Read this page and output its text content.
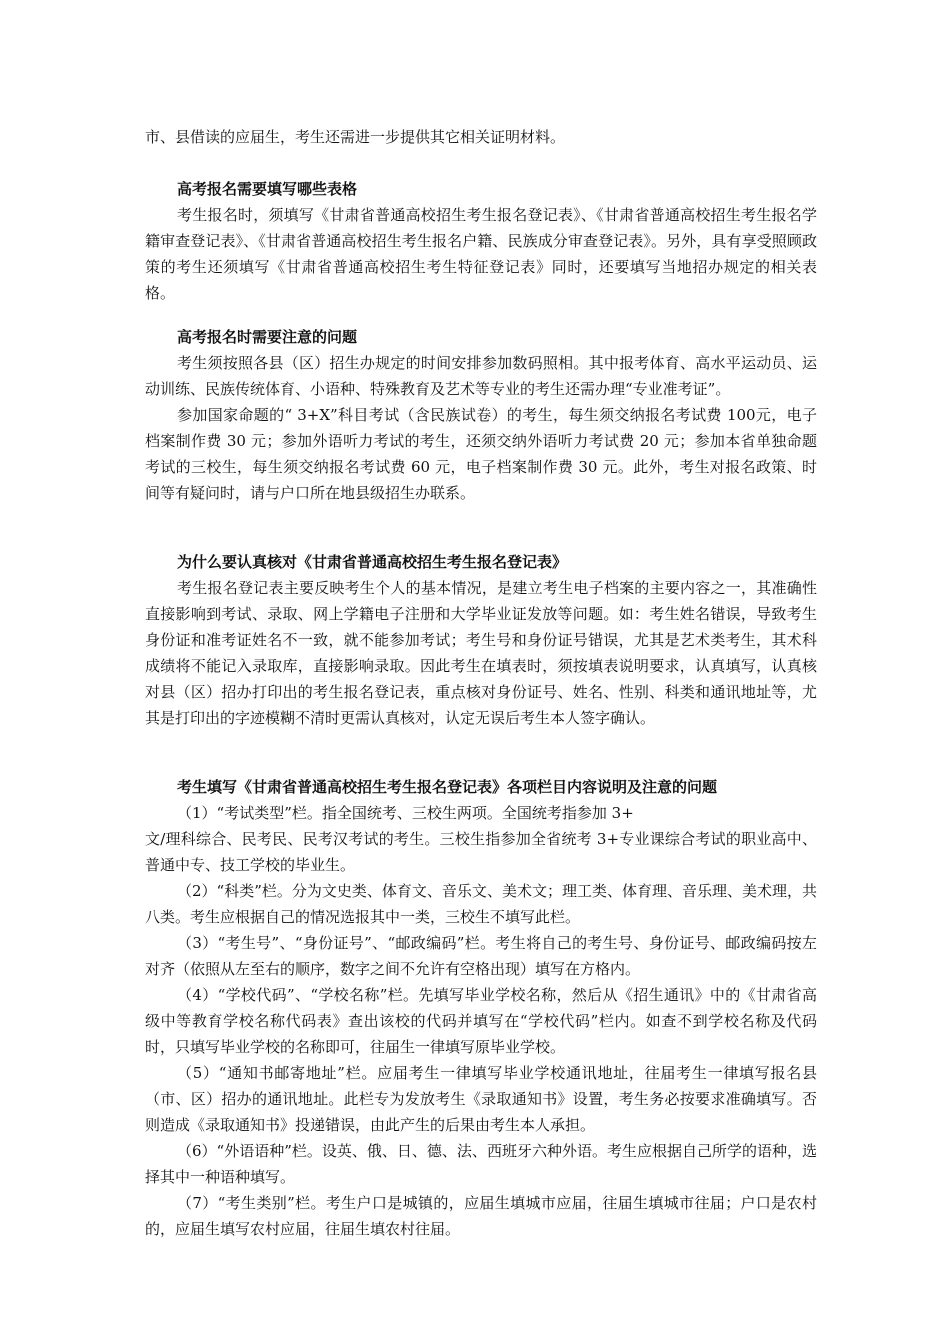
市、县借读的应届生，考生还需进一步提供其它相关证明材料。

高考报名需要填写哪些表格

考生报名时，须填写《甘肃省普通高校招生考生报名登记表》、《甘肃省普通高校招生考生报名学籍审查登记表》、《甘肃省普通高校招生考生报名户籍、民族成分审查登记表》。另外，具有享受照顾政策的考生还须填写《甘肃省普通高校招生考生特征登记表》同时，还要填写当地招办规定的相关表格。

高考报名时需要注意的问题

考生须按照各县（区）招生办规定的时间安排参加数码照相。其中报考体育、高水平运动员、运动训练、民族传统体育、小语种、特殊教育及艺术等专业的考生还需办理“专业准考证”。

参加国家命题的“ 3+X”科目考试（含民族试卷）的考生，每生须交纳报名考试费 100元，电子档案制作费 30 元；参加外语听力考试的考生，还须交纳外语听力考试费 20 元；参加本省单独命题考试的三校生，每生须交纳报名考试费 60 元，电子档案制作费 30 元。此外，考生对报名政策、时间等有疑问时，请与户口所在地县级招生办联系。

为什么要认真核对《甘肃省普通高校招生考生报名登记表》

考生报名登记表主要反映考生个人的基本情况，是建立考生电子档案的主要内容之一，其准确性直接影响到考试、录取、网上学籍电子注册和大学毕业证发放等问题。如：考生姓名错误，导致考生身份证和准考证姓名不一致，就不能参加考试；考生号和身份证号错误，尤其是艺术类考生，其术科成绩将不能记入录取库，直接影响录取。因此考生在填表时，须按填表说明要求，认真填写，认真核对县（区）招办打印出的考生报名登记表，重点核对身份证号、姓名、性别、科类和通讯地址等，尤其是打印出的字迹模糊不清时更需认真核对，认定无误后考生本人签字确认。

考生填写《甘肃省普通高校招生考生报名登记表》各项栏目内容说明及注意的问题

（1）“考试类型”栏。指全国统考、三校生两项。全国统考指参加 3+

文/理科综合、民考民、民考汉考试的考生。三校生指参加全省统考 3+专业课综合考试的职业高中、普通中专、技工学校的毕业生。

（2）“科类”栏。分为文史类、体育文、音乐文、美术文；理工类、体育理、音乐理、美术理，共八类。考生应根据自己的情况选报其中一类，三校生不填写此栏。

（3）“考生号”、“身份证号”、“邮政编码”栏。考生将自己的考生号、身份证号、邮政编码按左对齐（依照从左至右的顺序，数字之间不允许有空格出现）填写在方格内。

（4）“学校代码”、“学校名称”栏。先填写毕业学校名称，然后从《招生通讯》中的《甘肃省高级中等教育学校名称代码表》查出该校的代码并填写在“学校代码”栏内。如查不到学校名称及代码时，只填写毕业学校的名称即可，往届生一律填写原毕业学校。

（5）“通知书邮寄地址”栏。应届考生一律填写毕业学校通讯地址，往届考生一律填写报名县（市、区）招办的通讯地址。此栏专为发放考生《录取通知书》设置，考生务必按要求准确填写。否则造成《录取通知书》投递错误，由此产生的后果由考生本人承担。

（6）“外语语种”栏。设英、俄、日、德、法、西班牙六种外语。考生应根据自己所学的语种，选择其中一种语种填写。

（7）“考生类别”栏。考生户口是城镇的，应届生填城市应届，往届生填城市往届；户口是农村的，应届生填写农村应届，往届生填农村往届。
